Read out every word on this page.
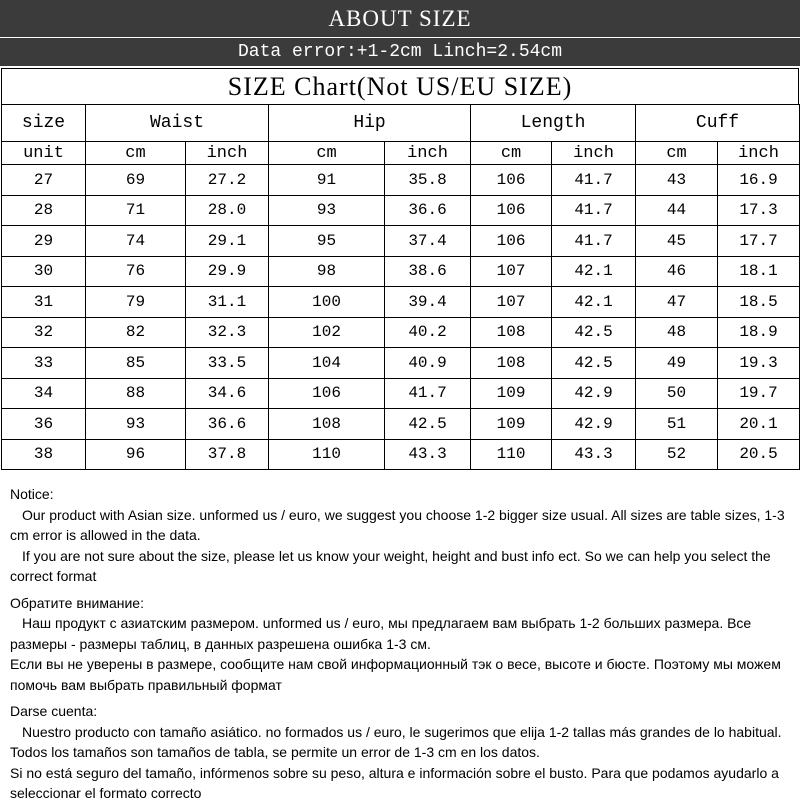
ABOUT SIZE
Data error:+1-2cm Linch=2.54cm
SIZE Chart(Not US/EU SIZE)
size	Waist		Hip		Length		Cuff	
unit	cm	inch	cm	inch	cm	inch	cm	inch
27	69	27.2	91	35.8	106	41.7	43	16.9
28	71	28.0	93	36.6	106	41.7	44	17.3
29	74	29.1	95	37.4	106	41.7	45	17.7
30	76	29.9	98	38.6	107	42.1	46	18.1
31	79	31.1	100	39.4	107	42.1	47	18.5
32	82	32.3	102	40.2	108	42.5	48	18.9
33	85	33.5	104	40.9	108	42.5	49	19.3
34	88	34.6	106	41.7	109	42.9	50	19.7
36	93	36.6	108	42.5	109	42.9	51	20.1
38	96	37.8	110	43.3	110	43.3	52	20.5

Notice:

Our product with Asian size. unformed us / euro, we suggest you choose 1-2 bigger size usual. All sizes are table sizes, 1-3 cm error is allowed in the data.

If you are not sure about the size, please let us know your weight, height and bust info ect. So we can help you select the correct format

Обратите внимание:

Наш продукт с азиатским размером. unformed us / euro, мы предлагаем вам выбрать 1-2 больших размера. Все размеры - размеры таблиц, в данных разрешена ошибка 1-3 см.

Если вы не уверены в размере, сообщите нам свой информационный тэк о весе, высоте и бюсте. Поэтому мы можем помочь вам выбрать правильный формат

Darse cuenta:

Nuestro producto con tamaño asiático. no formados us / euro, le sugerimos que elija 1-2 tallas más grandes de lo habitual. Todos los tamaños son tamaños de tabla, se permite un error de 1-3 cm en los datos.

Si no está seguro del tamaño, infórmenos sobre su peso, altura e información sobre el busto. Para que podamos ayudarlo a seleccionar el formato correcto
